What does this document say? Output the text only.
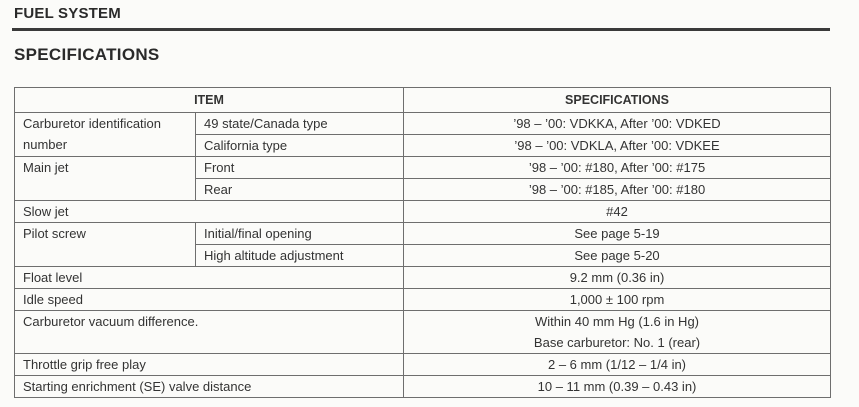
FUEL SYSTEM
SPECIFICATIONS
ITEM		SPECIFICATIONS
Carburetor identification number	49 state/Canada type	’98 – ’00: VDKKA, After ’00: VDKED
	California type	’98 – ’00: VDKLA, After ’00: VDKEE
Main jet	Front	’98 – ’00: #180, After ’00: #175
	Rear	’98 – ’00: #185, After ’00: #180
Slow jet		#42
Pilot screw	Initial/final opening	See page 5-19
	High altitude adjustment	See page 5-20
Float level		9.2 mm (0.36 in)
Idle speed		1,000 ± 100 rpm
Carburetor vacuum difference.		Within 40 mm Hg (1.6 in Hg)
Base carburetor: No. 1 (rear)

Throttle grip free play		2 – 6 mm (1/12 – 1/4 in)
Starting enrichment (SE) valve distance		10 – 11 mm (0.39 – 0.43 in)
